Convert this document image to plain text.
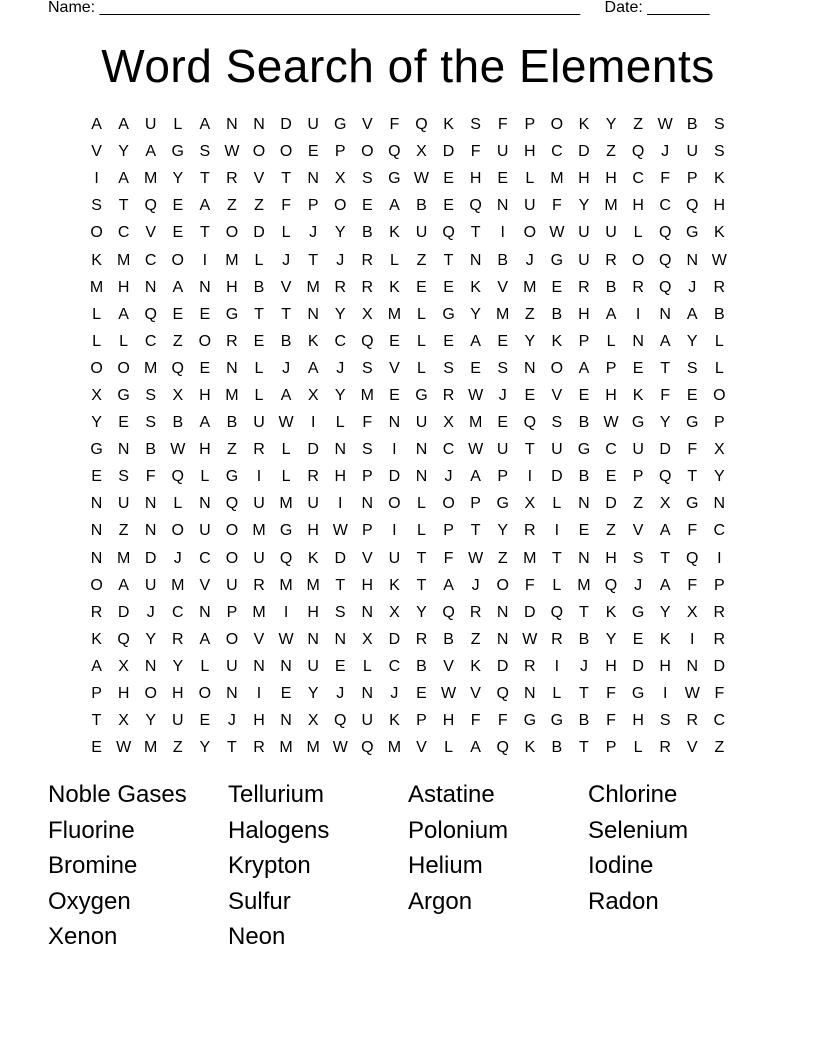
Name: ______________________________________________________ Date: _______
Word Search of the Elements
A	A U	L	A N N D U G V	F Q K	S	F	P O K	Y	Z W B	S
V	Y	A G S W O O E	P O Q X D	F	U H C D	Z Q	J	U S
I	A M Y	T	R V	T	N X	S G W E H E	L M H H C	F	P	K
S	T Q E	A	Z	Z	F	P O E	A	B	E Q N U	F	Y M H C Q H
O C V	E	T O D	L	J	Y	B	K U Q T	I	O W U U	L	Q G K
K M C O	I	M L	J	T	J	R	L	Z	T	N B	J	G U R O Q N W
M H N A N H B	V M R R K	E	E	K	V M E R B R Q	J	R
L	A Q E	E G T	T	N Y	X M L	G Y M Z	B H A	I	N A	B
L	L	C	Z O R E	B	K C Q E	L	E	A	E	Y	K	P	L	N A	Y	L
O O M Q E N	L	J	A	J	S	V	L	S	E	S N O A	P	E	T	S	L
X G S	X H M L	A	X	Y M E G R W J	E	V	E H K	F	E O
Y	E	S	B	A	B U W	I	L	F	N U X M E Q S	B W G Y G P
G N B W H	Z	R	L	D N S	I	N C W U	T	U G C U D	F	X
E	S	F Q	L	G	I	L	R H P D N	J	A	P	I	D B	E	P Q T	Y
N U N	L	N Q U M U	I	N O	L	O P G X	L	N D	Z	X G N
N	Z	N O U O M G H W P	I	L	P	T	Y R	I	E	Z	V	A	F	C
N M D	J	C O U Q K D V U	T	F W Z M T	N H S	T Q	I
O A U M V U R M M T	H K	T	A	J	O F	L M Q	J	A	F	P
R D	J	C N P M	I	H S N X	Y Q R N D Q T	K G Y	X R
K Q Y R A O V W N N X D R B	Z	N W R B	Y	E	K	I	R
A	X N Y	L	U N N U E	L	C B	V	K D R	I	J	H D H N D
P H O H O N	I	E	Y	J	N	J	E W V Q N	L	T	F G	I	W F
T	X	Y U E	J	H N X Q U K	P H	F	F G G B	F	H S R C
E W M Z	Y	T	R M M W Q M V	L	A Q K	B	T	P	L	R V	Z
Noble Gases	Tellurium	Astatine	Chlorine
Fluorine	Halogens	Polonium	Selenium
Bromine	Krypton	Helium	Iodine
Oxygen	Sulfur	Argon	Radon
Xenon	Neon
